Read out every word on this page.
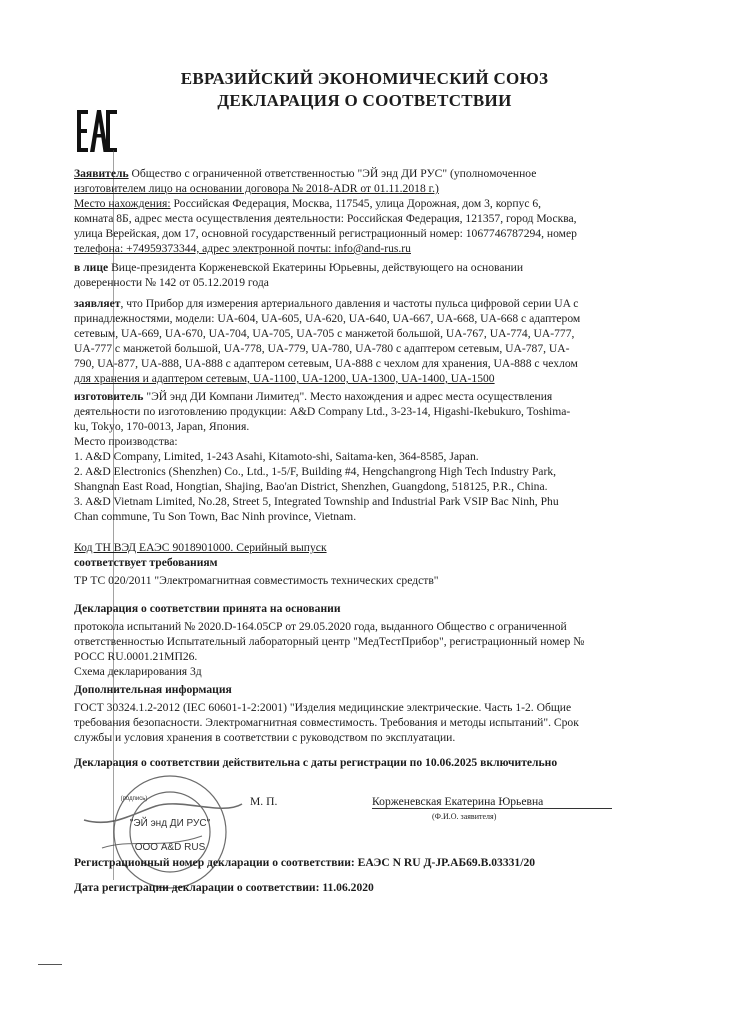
ЕВРАЗИЙСКИЙ ЭКОНОМИЧЕСКИЙ СОЮЗ
ДЕКЛАРАЦИЯ О СООТВЕТСТВИИ
Заявитель Общество с ограниченной ответственностью "ЭЙ энд ДИ РУС" (уполномоченное
изготовителем лицо на основании договора № 2018-ADR от 01.11.2018 г.)
Место нахождения: Российская Федерация, Москва, 117545, улица Дорожная, дом 3, корпус 6,
комната 8Б, адрес места осуществления деятельности: Российская Федерация, 121357, город Москва,
улица Верейская, дом 17, основной государственный регистрационный номер: 1067746787294, номер
телефона: +74959373344, адрес электронной почты: info@and-rus.ru
в лице Вице-президента Корженевской Екатерины Юрьевны, действующего на основании
доверенности № 142 от 05.12.2019 года
заявляет, что Прибор для измерения артериального давления и частоты пульса цифровой серии UA с
принадлежностями, модели: UA-604, UA-605, UA-620, UA-640, UA-667, UA-668, UA-668 с адаптером
сетевым, UA-669, UA-670, UA-704, UA-705, UA-705 с манжетой большой, UA-767, UA-774, UA-777,
UA-777 с манжетой большой, UA-778, UA-779, UA-780, UA-780 с адаптером сетевым, UA-787, UA-
790, UA-877, UA-888, UA-888 с адаптером сетевым, UA-888 с чехлом для хранения, UA-888 с чехлом
для хранения и адаптером сетевым, UA-1100, UA-1200, UA-1300, UA-1400, UA-1500
изготовитель "ЭЙ энд ДИ Компани Лимитед". Место нахождения и адрес места осуществления
деятельности по изготовлению продукции: A&D Company Ltd., 3-23-14, Higashi-Ikebukuro, Toshima-
ku, Tokyo, 170-0013, Japan, Япония.
Место производства:
1. A&D Company, Limited, 1-243 Asahi, Kitamoto-shi, Saitama-ken, 364-8585, Japan.
2. A&D Electronics (Shenzhen) Co., Ltd., 1-5/F, Building #4, Hengchangrong High Tech Industry Park,
Shangnan East Road, Hongtian, Shajing, Bao'an District, Shenzhen, Guangdong, 518125, P.R., China.
3. A&D Vietnam Limited, No.28, Street 5, Integrated Township and Industrial Park VSIP Bac Ninh, Phu
Chan commune, Tu Son Town, Bac Ninh province, Vietnam.
Код ТН ВЭД ЕАЭС 9018901000. Серийный выпуск
соответствует требованиям
ТР ТС 020/2011 "Электромагнитная совместимость технических средств"
Декларация о соответствии принята на основании
протокола испытаний № 2020.D-164.05СР от 29.05.2020 года, выданного Общество с ограниченной
ответственностью Испытательный лабораторный центр "МедТестПрибор", регистрационный номер №
РОСС RU.0001.21МП26.
Схема декларирования 3д
Дополнительная информация
ГОСТ 30324.1.2-2012 (IEC 60601-1-2:2001) "Изделия медицинские электрические. Часть 1-2. Общие
требования безопасности. Электромагнитная совместимость. Требования и методы испытаний". Срок
службы и условия хранения в соответствии с руководством по эксплуатации.
Декларация о соответствии действительна с даты регистрации по 10.06.2025 включительно
"ЭЙ энд ДИ РУС"
ООО A&D RUS
(подпись)	М. П.	Корженевская Екатерина Юрьевна
(Ф.И.О. заявителя)
Регистрационный номер декларации о соответствии: ЕАЭС N RU Д-JP.АБ69.В.03331/20
Дата регистрации декларации о соответствии: 11.06.2020
